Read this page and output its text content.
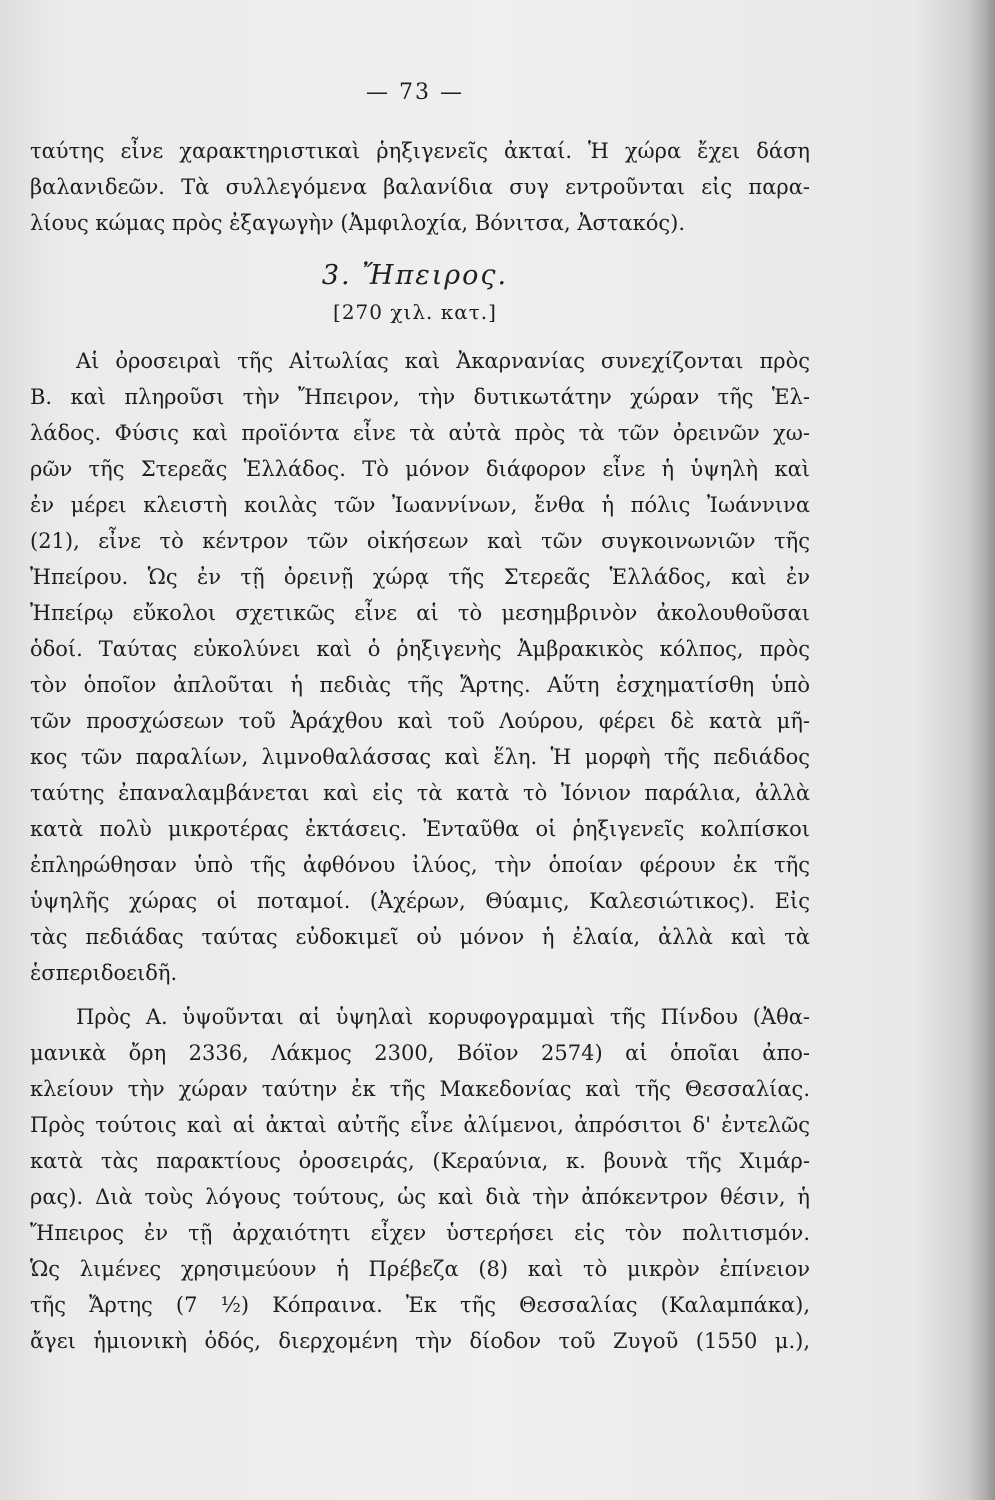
— 73 —
ταύτης εἶνε χαρακτηριστικαὶ ῥηξιγενεῖς ἀκταί. Ἡ χώρα ἔχει δάση
βαλανιδεῶν. Τὰ συλλεγόμενα βαλανίδια συγ εντροῦνται εἰς παρα-
λίους κώμας πρὸς ἐξαγωγὴν (Ἀμφιλοχία, Βόνιτσα, Ἀστακός).
3. Ἤπειρος.
[270 χιλ. κατ.]
Αἱ ὀροσειραὶ τῆς Αἰτωλίας καὶ Ἀκαρνανίας συνεχίζονται πρὸς
Β. καὶ πληροῦσι τὴν Ἤπειρον, τὴν δυτικωτάτην χώραν τῆς Ἑλ-
λάδος. Φύσις καὶ προϊόντα εἶνε τὰ αὐτὰ πρὸς τὰ τῶν ὀρεινῶν χω-
ρῶν τῆς Στερεᾶς Ἑλλάδος. Τὸ μόνον διάφορον εἶνε ἡ ὑψηλὴ καὶ
ἐν μέρει κλειστὴ κοιλὰς τῶν Ἰωαννίνων, ἔνθα ἡ πόλις Ἰωάννινα
(21), εἶνε τὸ κέντρον τῶν οἰκήσεων καὶ τῶν συγκοινωνιῶν τῆς
Ἠπείρου. Ὡς ἐν τῇ ὀρεινῇ χώρᾳ τῆς Στερεᾶς Ἑλλάδος, καὶ ἐν
Ἠπείρῳ εὔκολοι σχετικῶς εἶνε αἱ τὸ μεσημβρινὸν ἀκολουθοῦσαι
ὁδοί. Ταύτας εὐκολύνει καὶ ὁ ῥηξιγενὴς Ἀμβρακικὸς κόλπος, πρὸς
τὸν ὁποῖον ἀπλοῦται ἡ πεδιὰς τῆς Ἄρτης. Αὕτη ἐσχηματίσθη ὑπὸ
τῶν προσχώσεων τοῦ Ἀράχθου καὶ τοῦ Λούρου, φέρει δὲ κατὰ μῆ-
κος τῶν παραλίων, λιμνοθαλάσσας καὶ ἕλη. Ἡ μορφὴ τῆς πεδιάδος
ταύτης ἐπαναλαμβάνεται καὶ εἰς τὰ κατὰ τὸ Ἰόνιον παράλια, ἀλλὰ
κατὰ πολὺ μικροτέρας ἐκτάσεις. Ἐνταῦθα οἱ ῥηξιγενεῖς κολπίσκοι
ἐπληρώθησαν ὑπὸ τῆς ἀφθόνου ἰλύος, τὴν ὁποίαν φέρουν ἐκ τῆς
ὑψηλῆς χώρας οἱ ποταμοί. (Ἀχέρων, Θύαμις, Καλεσιώτικος). Εἰς
τὰς πεδιάδας ταύτας εὐδοκιμεῖ οὐ μόνον ἡ ἐλαία, ἀλλὰ καὶ τὰ
ἑσπεριδοειδῆ.
Πρὸς Α. ὑψοῦνται αἱ ὑψηλαὶ κορυφογραμμαὶ τῆς Πίνδου (Ἀθα-
μανικὰ ὄρη 2336, Λάκμος 2300, Βόϊον 2574) αἱ ὁποῖαι ἀπο-
κλείουν τὴν χώραν ταύτην ἐκ τῆς Μακεδονίας καὶ τῆς Θεσσαλίας.
Πρὸς τούτοις καὶ αἱ ἀκταὶ αὐτῆς εἶνε ἀλίμενοι, ἀπρόσιτοι δ' ἐντελῶς
κατὰ τὰς παρακτίους ὀροσειράς, (Κεραύνια, κ. βουνὰ τῆς Χιμάρ-
ρας). Διὰ τοὺς λόγους τούτους, ὡς καὶ διὰ τὴν ἀπόκεντρον θέσιν, ἡ
Ἤπειρος ἐν τῇ ἀρχαιότητι εἶχεν ὑστερήσει εἰς τὸν πολιτισμόν.
Ὡς λιμένες χρησιμεύουν ἡ Πρέβεζα (8) καὶ τὸ μικρὸν ἐπίνειον
τῆς Ἄρτης (7 ½) Κόπραινα. Ἐκ τῆς Θεσσαλίας (Καλαμπάκα),
ἄγει ἡμιονικὴ ὁδός, διερχομένη τὴν δίοδον τοῦ Ζυγοῦ (1550 μ.),
